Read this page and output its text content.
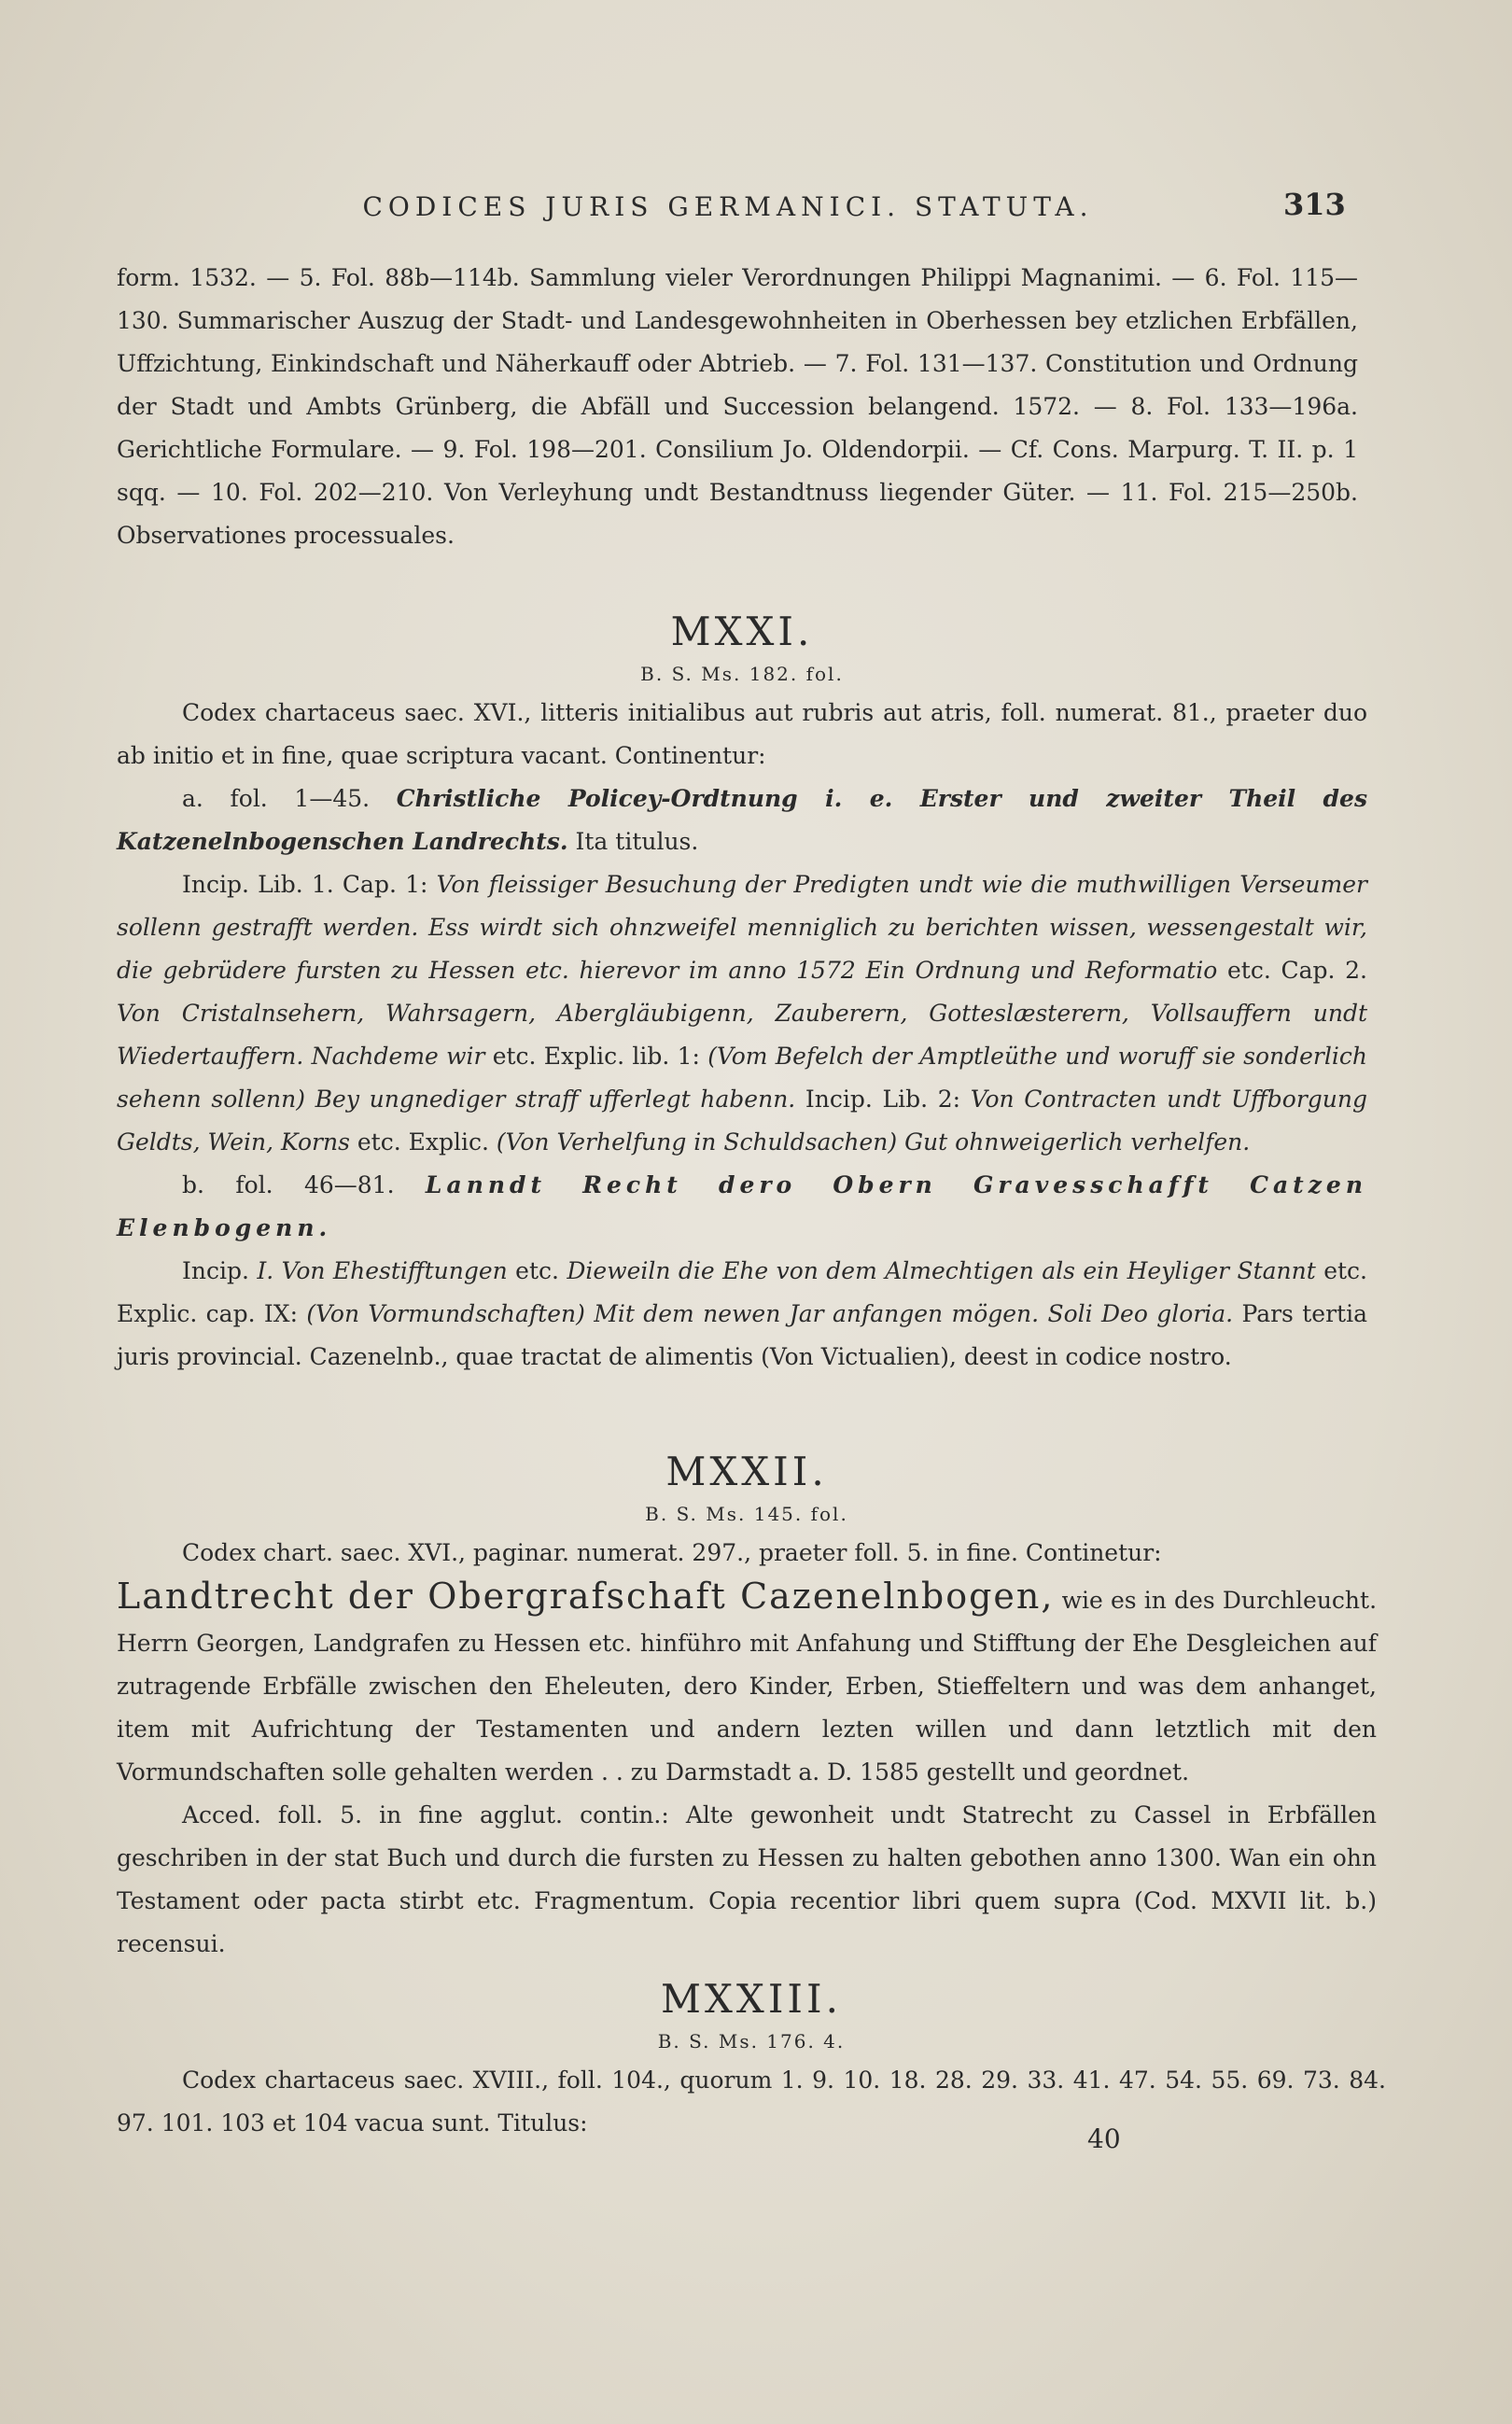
CODICES JURIS GERMANICI. STATUTA.	313

form. 1532. — 5. Fol. 88b—114b. Sammlung vieler Verordnungen Philippi Magnanimi. — 6. Fol. 115—130. Summarischer Auszug der Stadt- und Landesgewohnheiten in Oberhessen bey etzlichen Erbfällen, Uffzichtung, Einkindschaft und Näherkauff oder Abtrieb. — 7. Fol. 131—137. Constitution und Ordnung der Stadt und Ambts Grünberg, die Abfäll und Succession belangend. 1572. — 8. Fol. 133—196a. Gerichtliche Formulare. — 9. Fol. 198—201. Consilium Jo. Oldendorpii. — Cf. Cons. Marpurg. T. II. p. 1 sqq. — 10. Fol. 202—210. Von Verleyhung undt Bestandtnuss liegender Güter. — 11. Fol. 215—250b. Observationes processuales.

MXXI.
B. S. Ms. 182. fol.

Codex chartaceus saec. XVI., litteris initialibus aut rubris aut atris, foll. numerat. 81., praeter duo ab initio et in fine, quae scriptura vacant. Continentur:

a. fol. 1—45. Christliche Policey-Ordtnung i. e. Erster und zweiter Theil des Katzenelnbogenschen Landrechts. Ita titulus.

Incip. Lib. 1. Cap. 1: Von fleissiger Besuchung der Predigten undt wie die muthwilligen Verseumer sollenn gestrafft werden. Ess wirdt sich ohnzweifel menniglich zu berichten wissen, wessengestalt wir, die gebrüdere fursten zu Hessen etc. hierevor im anno 1572 Ein Ordnung und Reformatio etc. Cap. 2. Von Cristalnsehern, Wahrsagern, Abergläubigenn, Zauberern, Gotteslæsterern, Vollsauffern undt Wiedertauffern. Nachdeme wir etc. Explic. lib. 1: (Vom Befelch der Amptleüthe und woruff sie sonderlich sehenn sollenn) Bey ungnediger straff ufferlegt habenn. Incip. Lib. 2: Von Contracten undt Uffborgung Geldts, Wein, Korns etc. Explic. (Von Verhelfung in Schuldsachen) Gut ohnweigerlich verhelfen.

b. fol. 46—81. Lanndt Recht dero Obern Gravesschafft Catzen Elenbogenn.

Incip. I. Von Ehestifftungen etc. Dieweiln die Ehe von dem Almechtigen als ein Heyliger Stannt etc. Explic. cap. IX: (Von Vormundschaften) Mit dem newen Jar anfangen mögen. Soli Deo gloria. Pars tertia juris provincial. Cazenelnb., quae tractat de alimentis (Von Victualien), deest in codice nostro.

MXXII.
B. S. Ms. 145. fol.

Codex chart. saec. XVI., paginar. numerat. 297., praeter foll. 5. in fine. Continetur:

Landtrecht der Obergrafschaft Cazenelnbogen, wie es in des Durchleucht. Herrn Georgen, Landgrafen zu Hessen etc. hinführo mit Anfahung und Stifftung der Ehe Desgleichen auf zutragende Erbfälle zwischen den Eheleuten, dero Kinder, Erben, Stieffeltern und was dem anhanget, item mit Aufrichtung der Testamenten und andern lezten willen und dann letztlich mit den Vormundschaften solle gehalten werden . . zu Darmstadt a. D. 1585 gestellt und geordnet.

Acced. foll. 5. in fine agglut. contin.: Alte gewonheit undt Statrecht zu Cassel in Erbfällen geschriben in der stat Buch und durch die fursten zu Hessen zu halten gebothen anno 1300. Wan ein ohn Testament oder pacta stirbt etc. Fragmentum. Copia recentior libri quem supra (Cod. MXVII lit. b.) recensui.

MXXIII.
B. S. Ms. 176. 4.

Codex chartaceus saec. XVIII., foll. 104., quorum 1. 9. 10. 18. 28. 29. 33. 41. 47. 54. 55. 69. 73. 84. 97. 101. 103 et 104 vacua sunt. Titulus:

40
